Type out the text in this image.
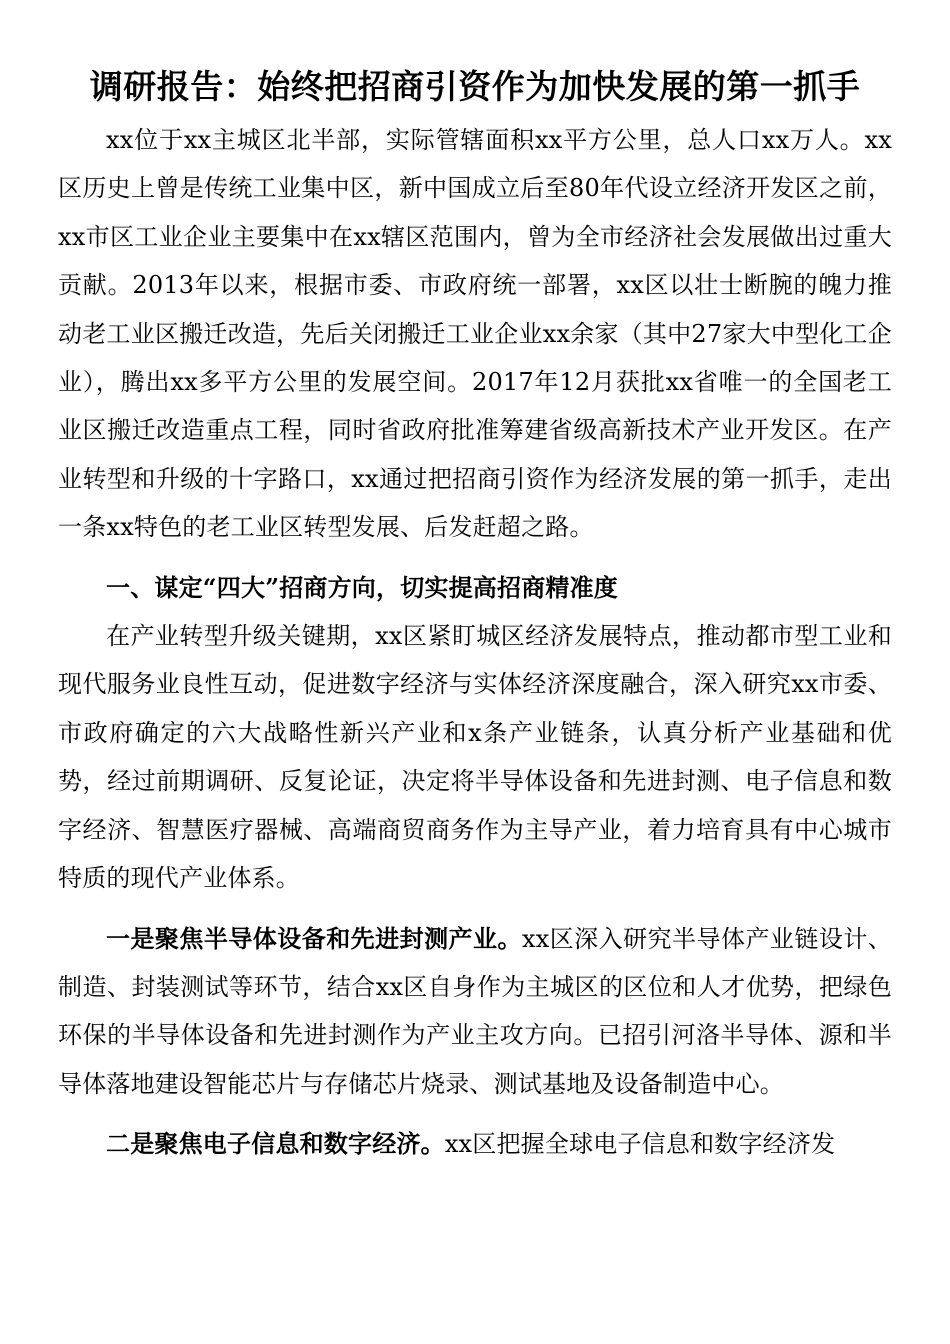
调研报告：始终把招商引资作为加快发展的第一抓手

xx位于xx主城区北半部，实际管辖面积xx平方公里，总人口xx万人。xx区历史上曾是传统工业集中区，新中国成立后至80年代设立经济开发区之前，xx市区工业企业主要集中在xx辖区范围内，曾为全市经济社会发展做出过重大贡献。2013年以来，根据市委、市政府统一部署，xx区以壮士断腕的魄力推动老工业区搬迁改造，先后关闭搬迁工业企业xx余家（其中27家大中型化工企业），腾出xx多平方公里的发展空间。2017年12月获批xx省唯一的全国老工业区搬迁改造重点工程，同时省政府批准筹建省级高新技术产业开发区。在产业转型和升级的十字路口，xx通过把招商引资作为经济发展的第一抓手，走出一条xx特色的老工业区转型发展、后发赶超之路。

一、谋定“四大”招商方向，切实提高招商精准度

在产业转型升级关键期，xx区紧盯城区经济发展特点，推动都市型工业和现代服务业良性互动，促进数字经济与实体经济深度融合，深入研究xx市委、市政府确定的六大战略性新兴产业和x条产业链条，认真分析产业基础和优势，经过前期调研、反复论证，决定将半导体设备和先进封测、电子信息和数字经济、智慧医疗器械、高端商贸商务作为主导产业，着力培育具有中心城市特质的现代产业体系。

一是聚焦半导体设备和先进封测产业。xx区深入研究半导体产业链设计、制造、封装测试等环节，结合xx区自身作为主城区的区位和人才优势，把绿色环保的半导体设备和先进封测作为产业主攻方向。已招引河洛半导体、源和半导体落地建设智能芯片与存储芯片烧录、测试基地及设备制造中心。

二是聚焦电子信息和数字经济。xx区把握全球电子信息和数字经济发
